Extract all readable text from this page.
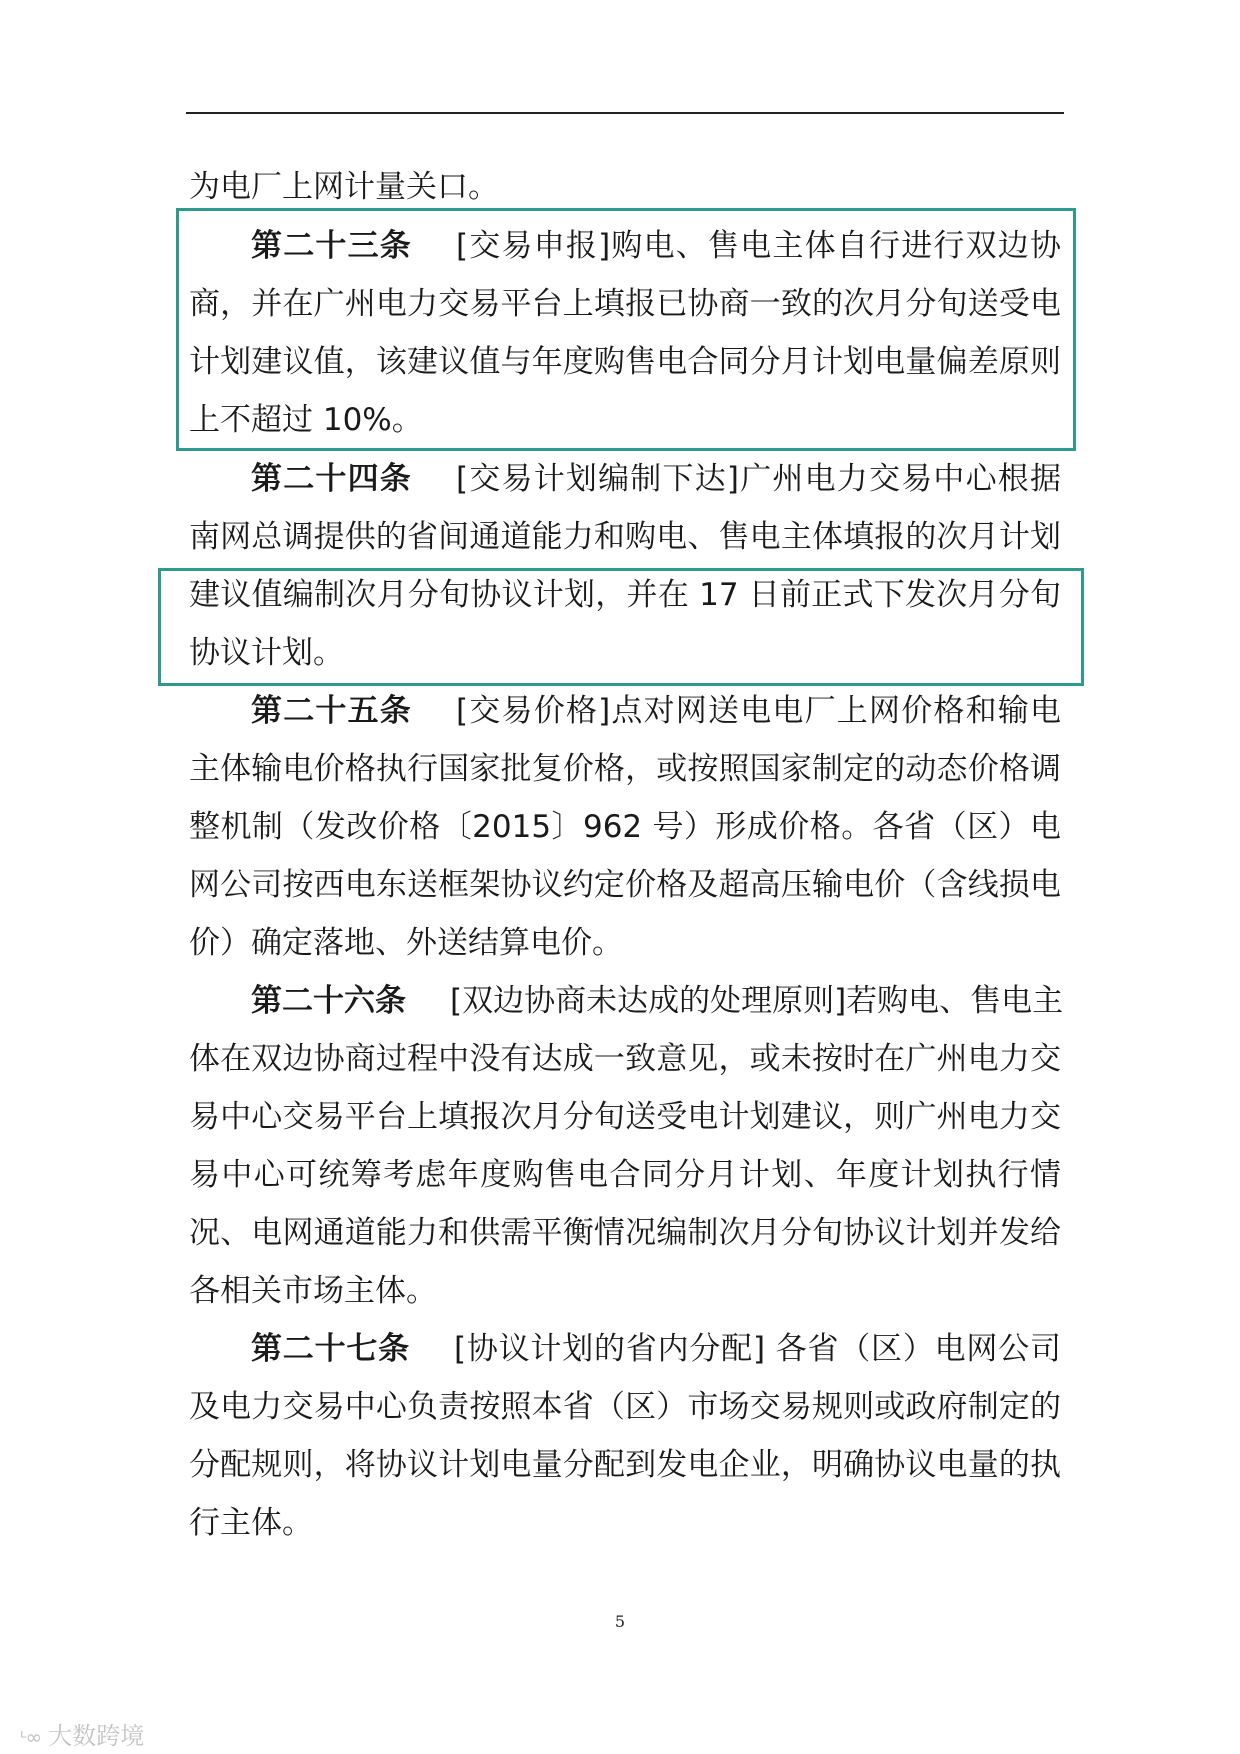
为电厂上网计量关口。
第二十三条 [交易申报]购电、售电主体自行进行双边协
商，并在广州电力交易平台上填报已协商一致的次月分旬送受电
计划建议值，该建议值与年度购售电合同分月计划电量偏差原则
上不超过 10%。
第二十四条 [交易计划编制下达]广州电力交易中心根据
南网总调提供的省间通道能力和购电、售电主体填报的次月计划
建议值编制次月分旬协议计划，并在 17 日前正式下发次月分旬
协议计划。
第二十五条 [交易价格]点对网送电电厂上网价格和输电
主体输电价格执行国家批复价格，或按照国家制定的动态价格调
整机制（发改价格〔2015〕962 号）形成价格。各省（区）电
网公司按西电东送框架协议约定价格及超高压输电价（含线损电
价）确定落地、外送结算电价。
第二十六条 [双边协商未达成的处理原则]若购电、售电主
体在双边协商过程中没有达成一致意见，或未按时在广州电力交
易中心交易平台上填报次月分旬送受电计划建议，则广州电力交
易中心可统筹考虑年度购售电合同分月计划、年度计划执行情
况、电网通道能力和供需平衡情况编制次月分旬协议计划并发给
各相关市场主体。
第二十七条 [协议计划的省内分配] 各省（区）电网公司
及电力交易中心负责按照本省（区）市场交易规则或政府制定的
分配规则，将协议计划电量分配到发电企业，明确协议电量的执
行主体。
5
ᶫ∞ 大数跨境
